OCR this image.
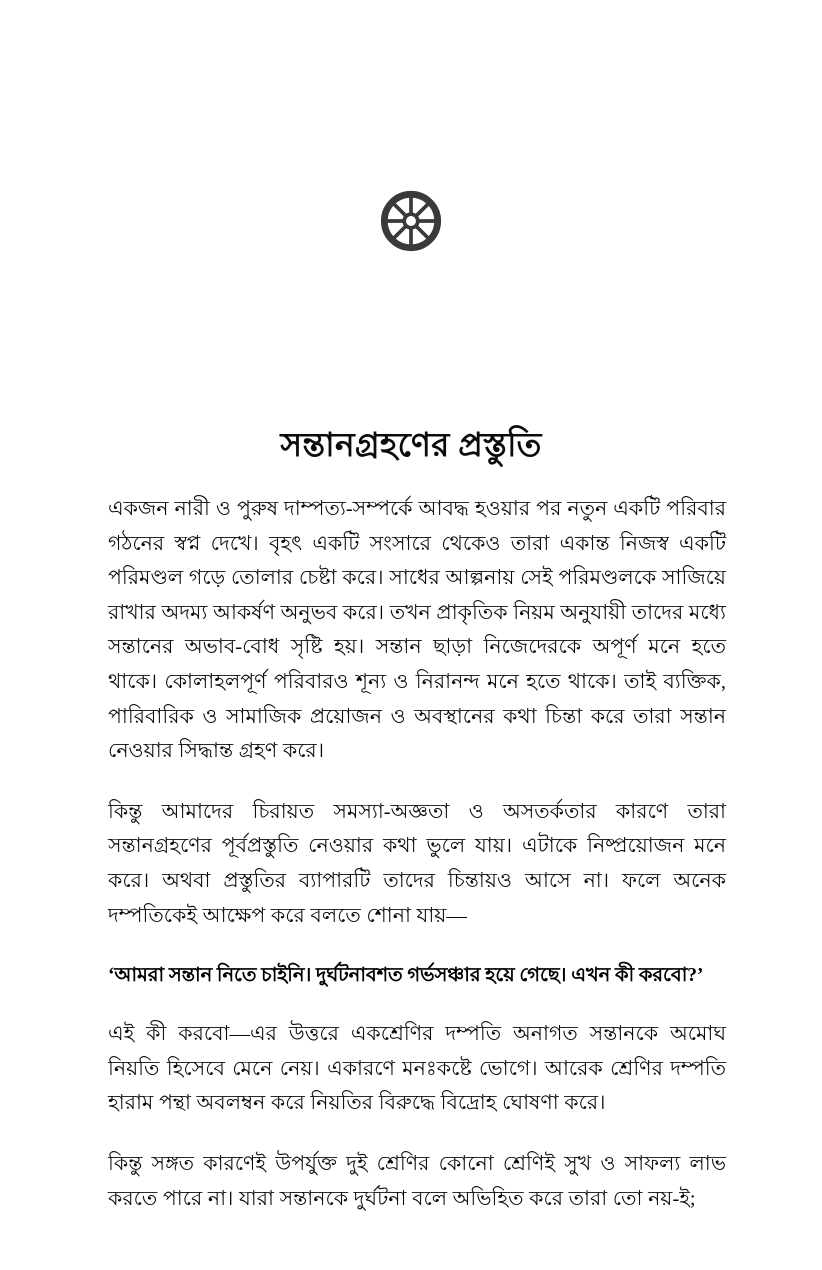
সন্তানগ্রহণের প্রস্তুতি

একজন নারী ও পুরুষ দাম্পত্য-সম্পর্কে আবদ্ধ হওয়ার পর নতুন একটি পরিবার গঠনের স্বপ্ন দেখে। বৃহৎ একটি সংসারে থেকেও তারা একান্ত নিজস্ব একটি পরিমণ্ডল গড়ে তোলার চেষ্টা করে। সাধের আল্পনায় সেই পরিমণ্ডলকে সাজিয়ে রাখার অদম্য আকর্ষণ অনুভব করে। তখন প্রাকৃতিক নিয়ম অনুযায়ী তাদের মধ্যে সন্তানের অভাব-বোধ সৃষ্টি হয়। সন্তান ছাড়া নিজেদেরকে অপূর্ণ মনে হতে থাকে। কোলাহলপূর্ণ পরিবারও শূন্য ও নিরানন্দ মনে হতে থাকে। তাই ব্যক্তিক, পারিবারিক ও সামাজিক প্রয়োজন ও অবস্থানের কথা চিন্তা করে তারা সন্তান নেওয়ার সিদ্ধান্ত গ্রহণ করে।

কিন্তু আমাদের চিরায়ত সমস্যা-অজ্ঞতা ও অসতর্কতার কারণে তারা সন্তানগ্রহণের পূর্বপ্রস্তুতি নেওয়ার কথা ভুলে যায়। এটাকে নিষ্প্রয়োজন মনে করে। অথবা প্রস্তুতির ব্যাপারটি তাদের চিন্তায়ও আসে না। ফলে অনেক দম্পতিকেই আক্ষেপ করে বলতে শোনা যায়—

‘আমরা সন্তান নিতে চাইনি। দুর্ঘটনাবশত গর্ভসঞ্চার হয়ে গেছে। এখন কী করবো?’

এই কী করবো—এর উত্তরে একশ্রেণির দম্পতি অনাগত সন্তানকে অমোঘ নিয়তি হিসেবে মেনে নেয়। একারণে মনঃকষ্টে ভোগে। আরেক শ্রেণির দম্পতি হারাম পন্থা অবলম্বন করে নিয়তির বিরুদ্ধে বিদ্রোহ ঘোষণা করে।

কিন্তু সঙ্গত কারণেই উপর্যুক্ত দুই শ্রেণির কোনো শ্রেণিই সুখ ও সাফল্য লাভ করতে পারে না। যারা সন্তানকে দুর্ঘটনা বলে অভিহিত করে তারা তো নয়-ই;
